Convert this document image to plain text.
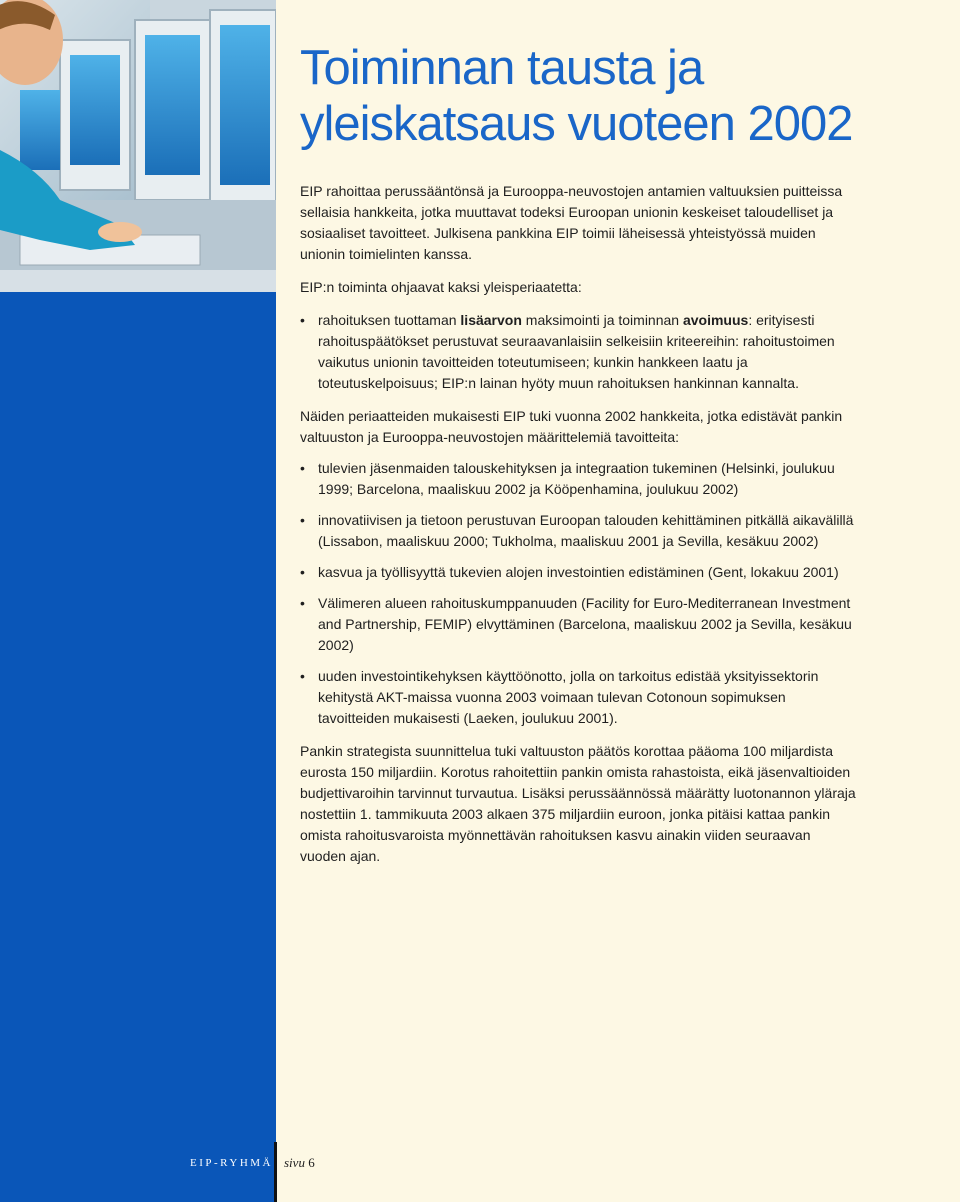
Toiminnan tausta ja yleiskatsaus vuoteen 2002

EIP rahoittaa perussääntönsä ja Eurooppa-neuvostojen antamien valtuuksien puitteissa sellaisia hankkeita, jotka muuttavat todeksi Euroopan unionin keskeiset taloudelliset ja sosiaaliset tavoitteet. Julkisena pankkina EIP toimii läheisessä yhteistyössä muiden unionin toimielinten kanssa.

EIP:n toiminta ohjaavat kaksi yleisperiaatetta:

• rahoituksen tuottaman lisäarvon maksimointi ja toiminnan avoimuus: erityisesti rahoituspäätökset perustuvat seuraavanlaisiin selkeisiin kriteereihin: rahoitustoimen vaikutus unionin tavoitteiden toteutumiseen; kunkin hankkeen laatu ja toteutuskelpoisuus; EIP:n lainan hyöty muun rahoituksen hankinnan kannalta.

Näiden periaatteiden mukaisesti EIP tuki vuonna 2002 hankkeita, jotka edistävät pankin valtuuston ja Eurooppa-neuvostojen määrittelemiä tavoitteita:

• tulevien jäsenmaiden talouskehityksen ja integraation tukeminen (Helsinki, joulukuu 1999; Barcelona, maaliskuu 2002 ja Kööpenhamina, joulukuu 2002)
• innovatiivisen ja tietoon perustuvan Euroopan talouden kehittäminen pitkällä aikavälillä (Lissabon, maaliskuu 2000; Tukholma, maaliskuu 2001 ja Sevilla, kesäkuu 2002)
• kasvua ja työllisyyttä tukevien alojen investointien edistäminen (Gent, lokakuu 2001)
• Välimeren alueen rahoituskumppanuuden (Facility for Euro-Mediterranean Investment and Partnership, FEMIP) elvyttäminen (Barcelona, maaliskuu 2002 ja Sevilla, kesäkuu 2002)
• uuden investointikehyksen käyttöönotto, jolla on tarkoitus edistää yksityissektorin kehitystä AKT-maissa vuonna 2003 voimaan tulevan Cotonoun sopimuksen tavoitteiden mukaisesti (Laeken, joulukuu 2001).

Pankin strategista suunnittelua tuki valtuuston päätös korottaa pääoma 100 miljardista eurosta 150 miljardiin. Korotus rahoitettiin pankin omista rahastoista, eikä jäsenvaltioiden budjettivaroihin tarvinnut turvautua. Lisäksi perussäännössä määrätty luotonannon yläraja nostettiin 1. tammikuuta 2003 alkaen 375 miljardiin euroon, jonka pitäisi kattaa pankin omista rahoitusvaroista myönnettävän rahoituksen kasvu ainakin viiden seuraavan vuoden ajan.

EIP-RYHMÄ sivu 6
